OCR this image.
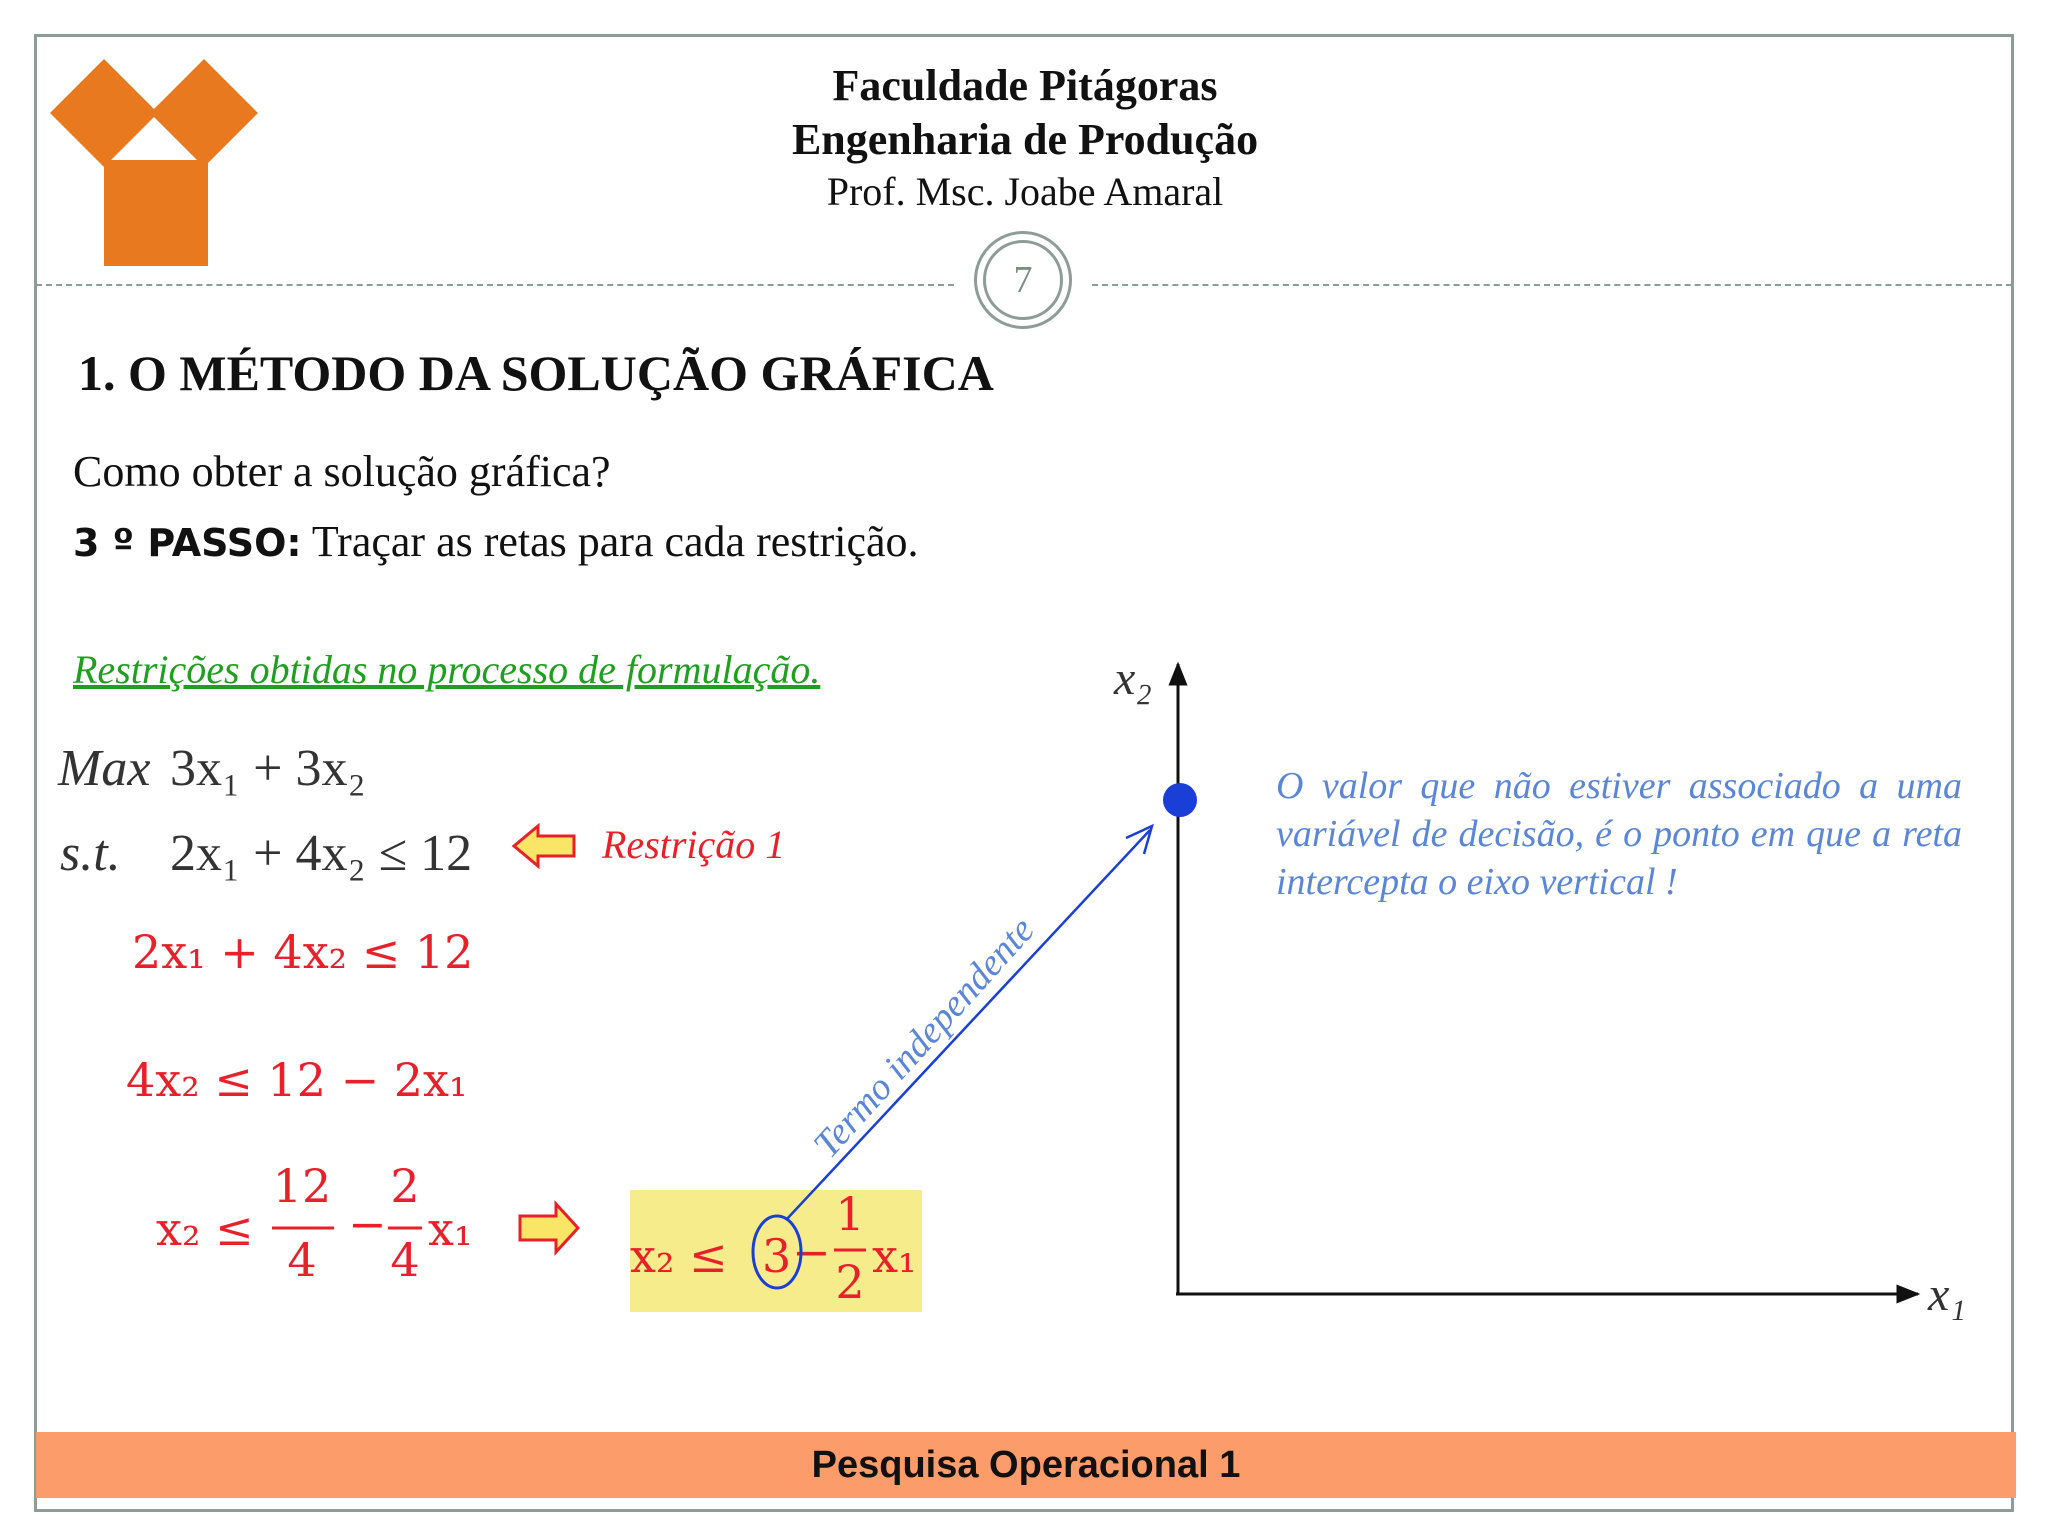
Faculdade Pitágoras
Engenharia de Produção
Prof. Msc. Joabe Amaral
7
1. O MÉTODO DA SOLUÇÃO GRÁFICA
Como obter a solução gráfica?
3 º PASSO: Traçar as retas para cada restrição.
Restrições obtidas no processo de formulação.
O valor que não estiver associado a uma variável de decisão, é o ponto em que a reta intercepta o eixo vertical !
Max 3x₁ + 3x₂
s.t. 2x₁ + 4x₂ ≤ 12	Restrição 1
2x₁ + 4x₂ ≤ 12
4x₂ ≤ 12 − 2x₁
x₂ ≤
12
4
−
2
4
x₁	x₂ ≤ 3 −
1
2 x₁
Termo independente
x₂
x₁
Pesquisa Operacional 1
